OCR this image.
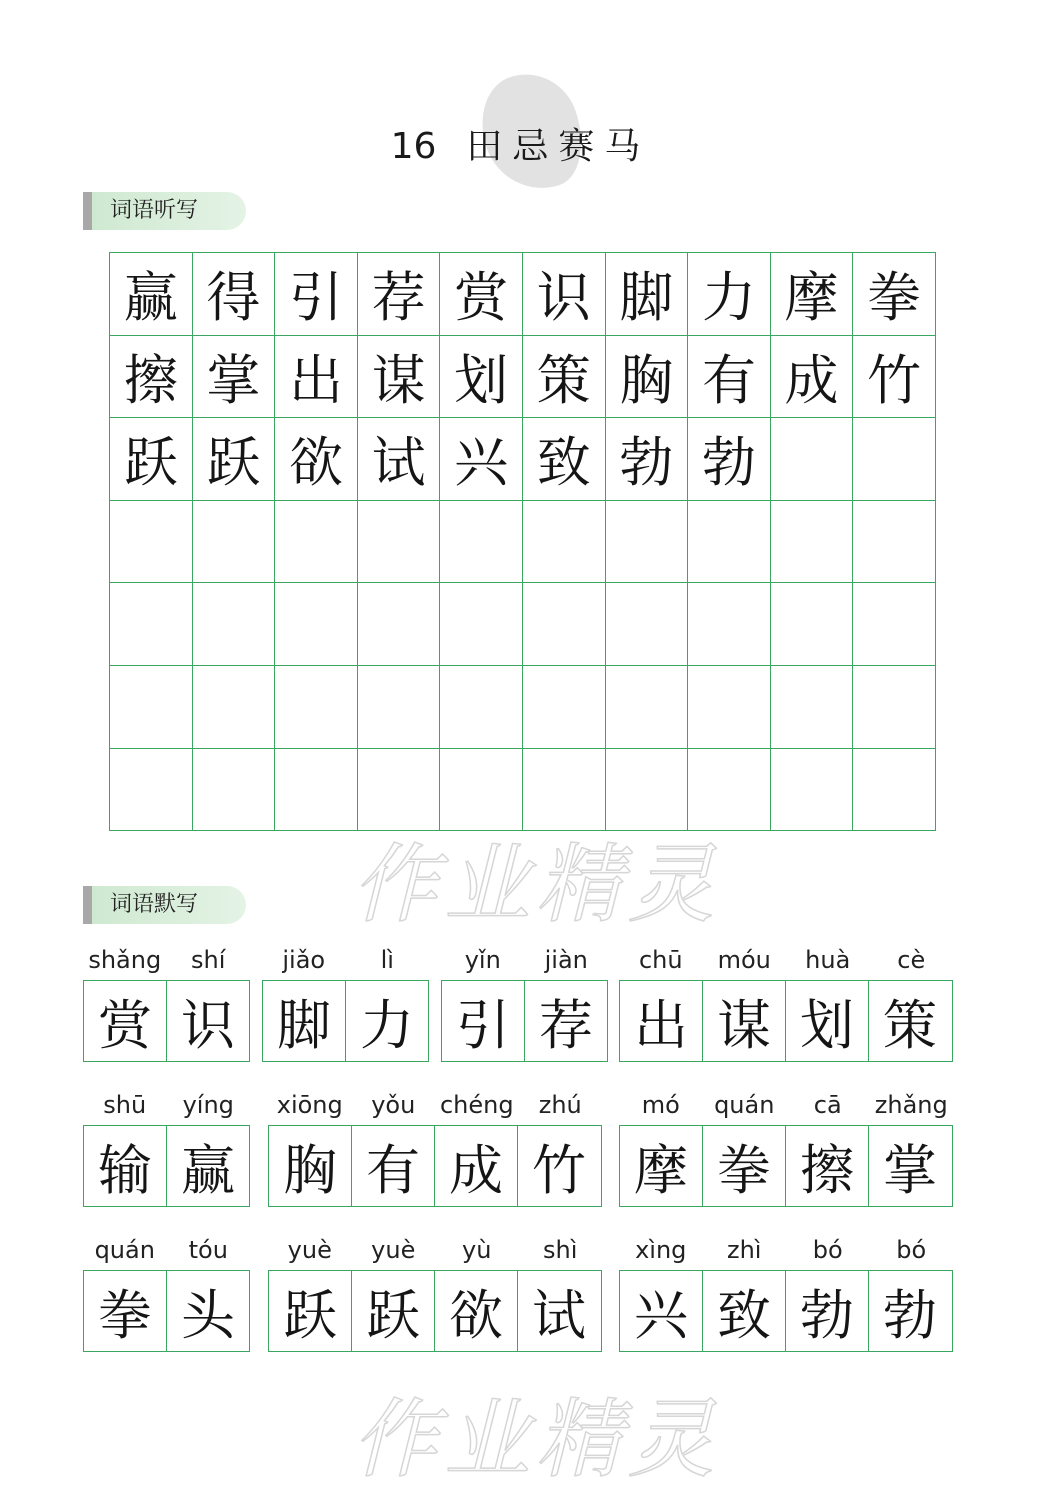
16 田忌赛马
词语听写
赢 得 引 荐 赏 识 脚 力 摩 拳
擦 掌 出 谋 划 策 胸 有 成 竹
跃 跃 欲 试 兴 致 勃 勃
作业精灵
词语默写
shǎng	shí
赏 识
jiǎo	lì
脚 力
yǐn	jiàn
引 荐
chū	móu	huà	cè
出 谋 划 策
shū	yíng
输 赢
xiōng	yǒu	chéng	zhú
胸 有 成 竹
mó	quán	cā	zhǎng
摩 拳 擦 掌
quán	tóu
拳 头
yuè	yuè	yù	shì
跃 跃 欲 试
xìng	zhì	bó	bó
兴 致 勃 勃
作业精灵
